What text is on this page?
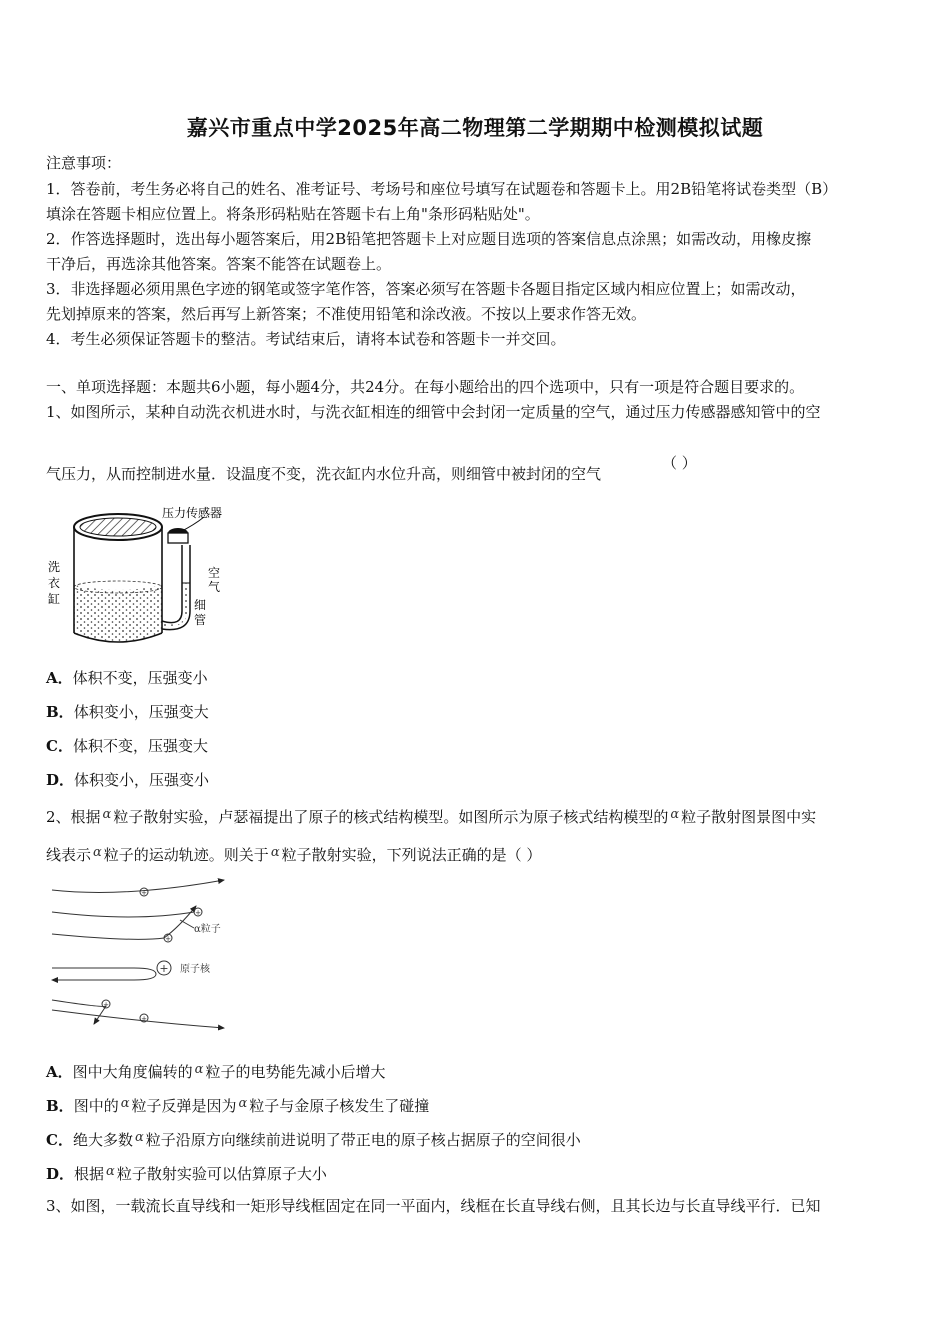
嘉兴市重点中学2025年高二物理第二学期期中检测模拟试题
注意事项：
1．答卷前，考生务必将自己的姓名、准考证号、考场号和座位号填写在试题卷和答题卡上。用2B铅笔将试卷类型（B）
填涂在答题卡相应位置上。将条形码粘贴在答题卡右上角"条形码粘贴处"。
2．作答选择题时，选出每小题答案后，用2B铅笔把答题卡上对应题目选项的答案信息点涂黑；如需改动，用橡皮擦
干净后，再选涂其他答案。答案不能答在试题卷上。
3．非选择题必须用黑色字迹的钢笔或签字笔作答，答案必须写在答题卡各题目指定区域内相应位置上；如需改动，
先划掉原来的答案，然后再写上新答案；不准使用铅笔和涂改液。不按以上要求作答无效。
4．考生必须保证答题卡的整洁。考试结束后，请将本试卷和答题卡一并交回。
一、单项选择题：本题共6小题，每小题4分，共24分。在每小题给出的四个选项中，只有一项是符合题目要求的。
1、如图所示，某种自动洗衣机进水时，与洗衣缸相连的细管中会封闭一定质量的空气，通过压力传感器感知管中的空
气压力，从而控制进水量．设温度不变，洗衣缸内水位升高，则细管中被封闭的空气
（ ）
压力传感器
洗
衣
缸
空
气
细
管
A．体积不变，压强变小
B．体积变小，压强变大
C．体积不变，压强变大
D．体积变小，压强变小
2、根据 α 粒子散射实验，卢瑟福提出了原子的核式结构模型。如图所示为原子核式结构模型的 α 粒子散射图景图中实
线表示 α 粒子的运动轨迹。则关于 α 粒子散射实验，下列说法正确的是（ ）
+
+
+
+
+
+
α粒子
原子核
A．图中大角度偏转的 α 粒子的电势能先减小后增大
B．图中的 α 粒子反弹是因为 α 粒子与金原子核发生了碰撞
C．绝大多数 α 粒子沿原方向继续前进说明了带正电的原子核占据原子的空间很小
D．根据 α 粒子散射实验可以估算原子大小
3、如图，一载流长直导线和一矩形导线框固定在同一平面内，线框在长直导线右侧，且其长边与长直导线平行．已知
